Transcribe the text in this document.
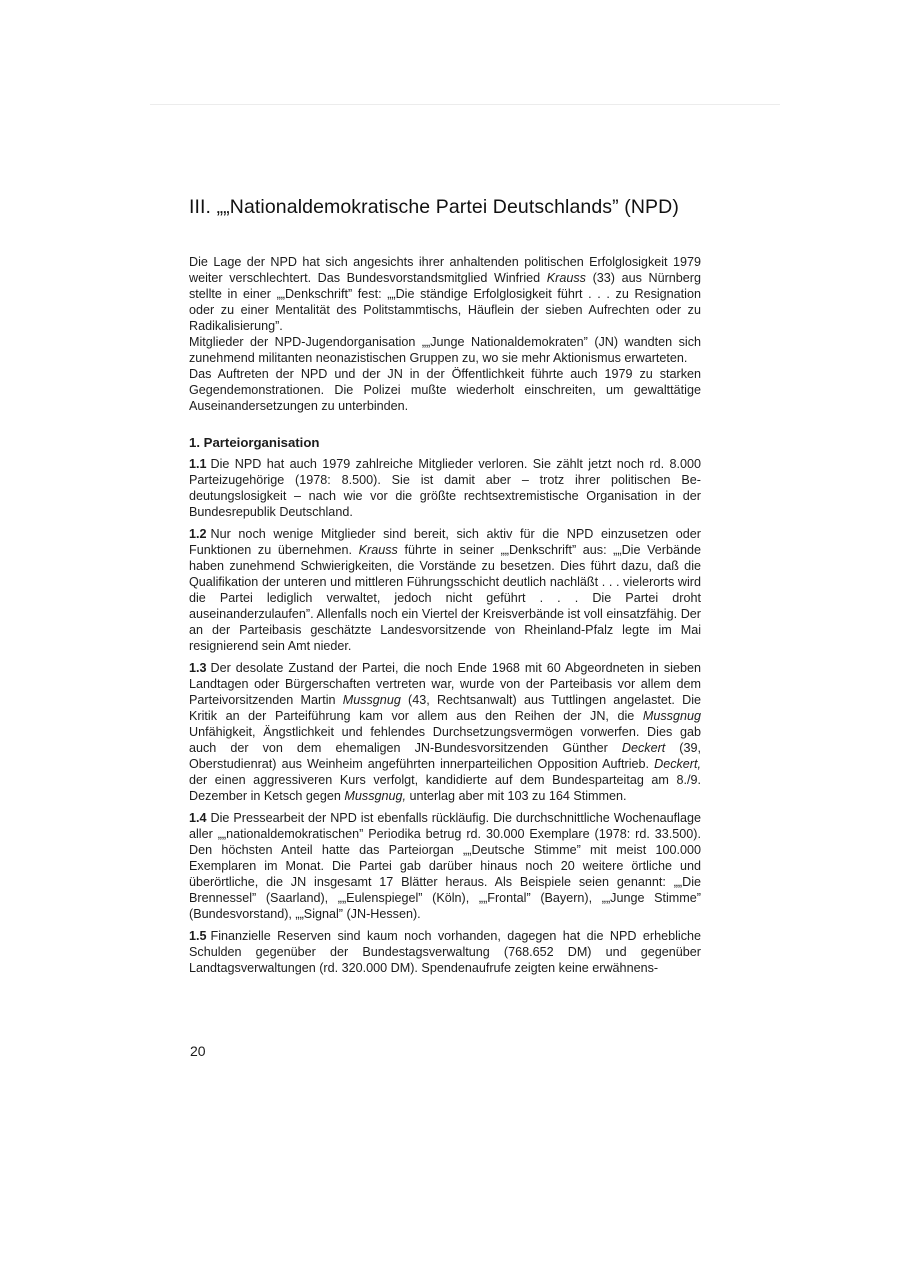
III. „„Nationaldemokratische Partei Deutschlands” (NPD)

Die Lage der NPD hat sich angesichts ihrer anhaltenden politischen Erfolglosigkeit 1979 weiter verschlechtert. Das Bundesvorstandsmitglied Winfried Krauss (33) aus Nürnberg stellte in einer „„Denkschrift” fest: „„Die ständige Erfolglosigkeit führt . . . zu Resignation oder zu einer Mentalität des Politstammtischs, Häuflein der sieben Aufrechten oder zu Radikalisierung”.

Mitglieder der NPD-Jugendorganisation „„Junge Nationaldemokraten” (JN) wandten sich zunehmend militanten neonazistischen Gruppen zu, wo sie mehr Aktionismus erwarteten.

Das Auftreten der NPD und der JN in der Öffentlichkeit führte auch 1979 zu starken Gegendemonstrationen. Die Polizei mußte wiederholt einschreiten, um gewalttätige Auseinandersetzungen zu unterbinden.

1. Parteiorganisation

1.1 Die NPD hat auch 1979 zahlreiche Mitglieder verloren. Sie zählt jetzt noch rd. 8.000 Parteizugehörige (1978: 8.500). Sie ist damit aber – trotz ihrer politischen Bedeutungslosigkeit – nach wie vor die größte rechtsextremistische Organisation in der Bundesrepublik Deutschland.

1.2 Nur noch wenige Mitglieder sind bereit, sich aktiv für die NPD einzusetzen oder Funktionen zu übernehmen. Krauss führte in seiner „„Denkschrift” aus: „„Die Verbände haben zunehmend Schwierigkeiten, die Vorstände zu besetzen. Dies führt dazu, daß die Qualifikation der unteren und mittleren Führungsschicht deutlich nachläßt . . . vielerorts wird die Partei lediglich verwaltet, jedoch nicht geführt . . . Die Partei droht auseinanderzulaufen”. Allenfalls noch ein Viertel der Kreisverbände ist voll einsatzfähig. Der an der Parteibasis geschätzte Landesvorsitzende von Rheinland-Pfalz legte im Mai resignierend sein Amt nieder.

1.3 Der desolate Zustand der Partei, die noch Ende 1968 mit 60 Abgeordneten in sieben Landtagen oder Bürgerschaften vertreten war, wurde von der Parteibasis vor allem dem Parteivorsitzenden Martin Mussgnug (43, Rechtsanwalt) aus Tuttlingen angelastet. Die Kritik an der Parteiführung kam vor allem aus den Reihen der JN, die Mussgnug Unfähigkeit, Ängstlichkeit und fehlendes Durchsetzungsvermögen vorwerfen. Dies gab auch der von dem ehemaligen JN-Bundesvorsitzenden Günther Deckert (39, Oberstudienrat) aus Weinheim angeführten innerparteilichen Opposition Auftrieb. Deckert, der einen aggressiveren Kurs verfolgt, kandidierte auf dem Bundesparteitag am 8./9. Dezember in Ketsch gegen Mussgnug, unterlag aber mit 103 zu 164 Stimmen.

1.4 Die Pressearbeit der NPD ist ebenfalls rückläufig. Die durchschnittliche Wochenauflage aller „„nationaldemokratischen” Periodika betrug rd. 30.000 Exemplare (1978: rd. 33.500). Den höchsten Anteil hatte das Parteiorgan „„Deutsche Stimme” mit meist 100.000 Exemplaren im Monat. Die Partei gab darüber hinaus noch 20 weitere örtliche und überörtliche, die JN insgesamt 17 Blätter heraus. Als Beispiele seien genannt: „„Die Brennessel” (Saarland), „„Eulenspiegel” (Köln), „„Frontal” (Bayern), „„Junge Stimme” (Bundesvorstand), „„Signal” (JN-Hessen).

1.5 Finanzielle Reserven sind kaum noch vorhanden, dagegen hat die NPD erhebliche Schulden gegenüber der Bundestagsverwaltung (768.652 DM) und gegenüber Landtagsverwaltungen (rd. 320.000 DM). Spendenaufrufe zeigten keine erwähnens-

20
